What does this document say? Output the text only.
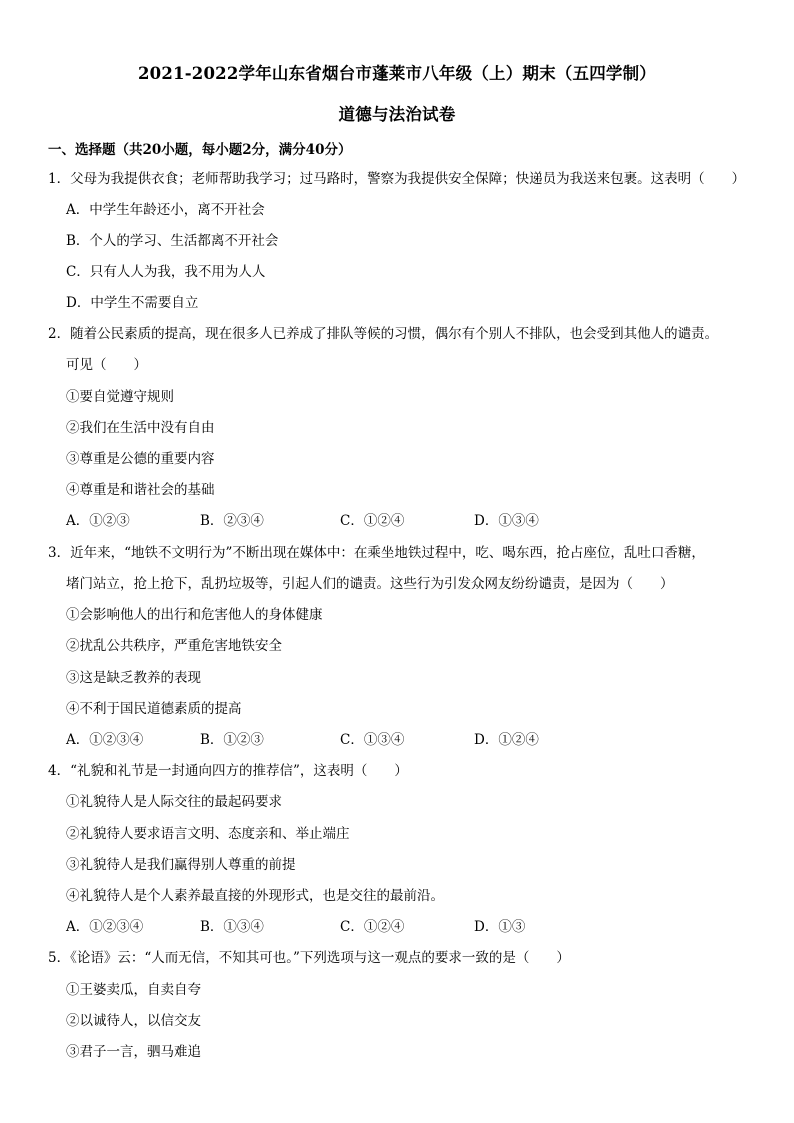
2021-2022学年山东省烟台市蓬莱市八年级（上）期末（五四学制）
道德与法治试卷
一、选择题（共20小题，每小题2分，满分40分）
1．父母为我提供衣食；老师帮助我学习；过马路时，警察为我提供安全保障；快递员为我送来包裹。这表明（　　）
A．中学生年龄还小，离不开社会
B．个人的学习、生活都离不开社会
C．只有人人为我，我不用为人人
D．中学生不需要自立
2．随着公民素质的提高，现在很多人已养成了排队等候的习惯，偶尔有个别人不排队，也会受到其他人的谴责。
可见（　　）
①要自觉遵守规则
②我们在生活中没有自由
③尊重是公德的重要内容
④尊重是和谐社会的基础
A．①②③	B．②③④	C．①②④	D．①③④
3．近年来，“地铁不文明行为”不断出现在媒体中：在乘坐地铁过程中，吃、喝东西，抢占座位，乱吐口香糖，
堵门站立，抢上抢下，乱扔垃圾等，引起人们的谴责。这些行为引发众网友纷纷谴责，是因为（　　）
①会影响他人的出行和危害他人的身体健康
②扰乱公共秩序，严重危害地铁安全
③这是缺乏教养的表现
④不利于国民道德素质的提高
A．①②③④	B．①②③	C．①③④	D．①②④
4．“礼貌和礼节是一封通向四方的推荐信”，这表明（　　）
①礼貌待人是人际交往的最起码要求
②礼貌待人要求语言文明、态度亲和、举止端庄
③礼貌待人是我们赢得别人尊重的前提
④礼貌待人是个人素养最直接的外现形式，也是交往的最前沿。
A．①②③④	B．①③④	C．①②④	D．①③
5．《论语》云：“人而无信，不知其可也。”下列选项与这一观点的要求一致的是（　　）
①王婆卖瓜，自卖自夸
②以诚待人，以信交友
③君子一言，驷马难追
